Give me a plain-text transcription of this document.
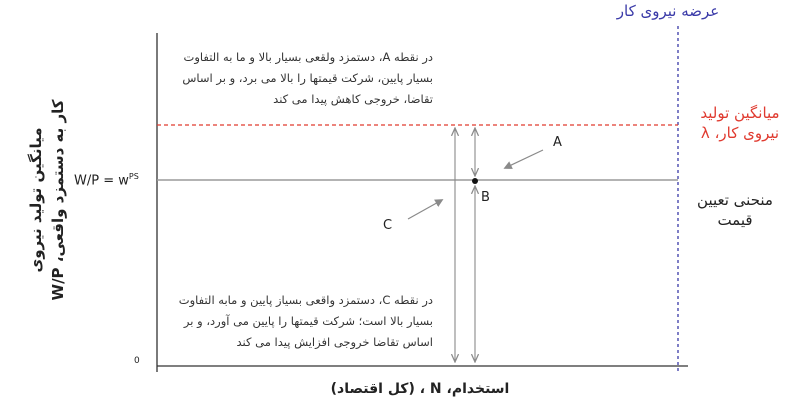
0
$W/P = w^{PS}$
میانگین تولید نیروی
کار به دستمزد واقعی، W/P
استخدام، N ، (کل اقتصاد)
عرضه نیروی کار
میانگین تولید
نیروی کار، λ
منحنی تعیین
قیمت
A
B
C
در نقطه A، دستمزد ولقعی بسیار بالا و ما به التفاوت بسیار پایین، شرکت قیمتها را بالا می برد، و بر اساس تقاضا، خروجی کاهش پیدا می کند
در نقطه C، دستمزد واقعی بسیاز پایین و مابه التفاوت بسیار بالا است؛ شرکت قیمتها را پایین می آورد، و بر اساس تقاضا خروجی افزایش پیدا می کند
